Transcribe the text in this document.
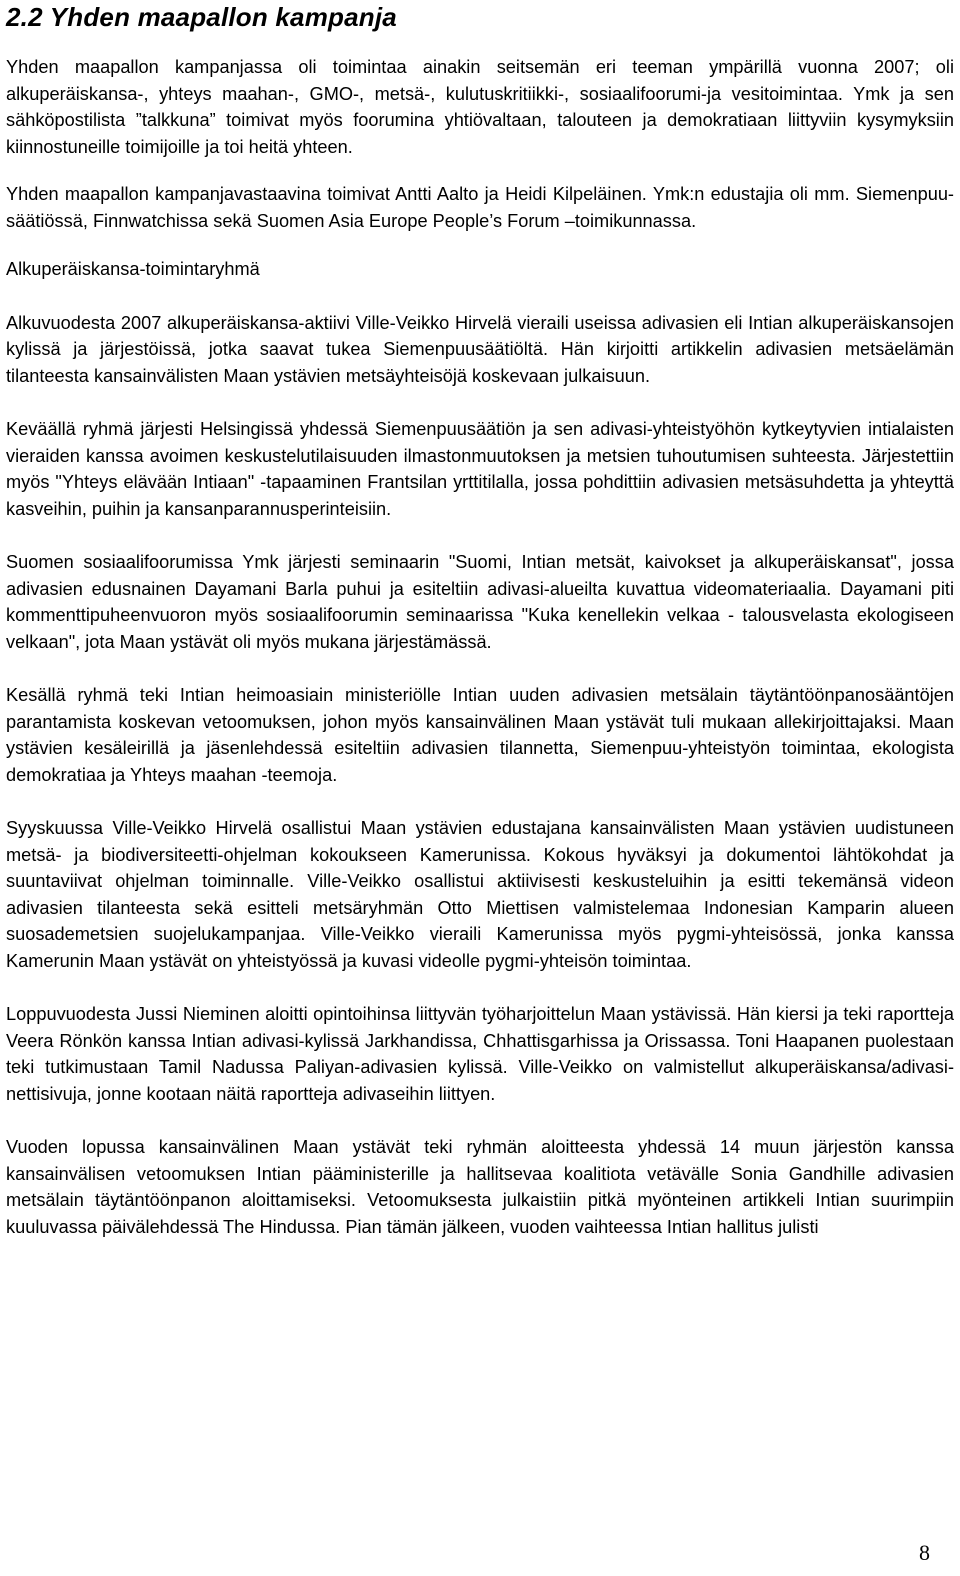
2.2 Yhden maapallon kampanja

Yhden maapallon kampanjassa oli toimintaa ainakin seitsemän eri teeman ympärillä vuonna 2007; oli alkuperäiskansa-, yhteys maahan-, GMO-, metsä-, kulutuskritiikki-, sosiaalifoorumi-ja vesitoimintaa. Ymk ja sen sähköpostilista ”talkkuna” toimivat myös foorumina yhtiövaltaan, talouteen ja demokratiaan liittyviin kysymyksiin kiinnostuneille toimijoille ja toi heitä yhteen.

Yhden maapallon kampanjavastaavina toimivat Antti Aalto ja Heidi Kilpeläinen. Ymk:n edustajia oli mm. Siemenpuu-säätiössä, Finnwatchissa sekä Suomen Asia Europe People’s Forum –toimikunnassa.

Alkuperäiskansa-toimintaryhmä

Alkuvuodesta 2007 alkuperäiskansa-aktiivi Ville-Veikko Hirvelä vieraili useissa adivasien eli Intian alkuperäiskansojen kylissä ja järjestöissä, jotka saavat tukea Siemenpuusäätiöltä. Hän kirjoitti artikkelin adivasien metsäelämän tilanteesta kansainvälisten Maan ystävien metsäyhteisöjä koskevaan julkaisuun.

Keväällä ryhmä järjesti Helsingissä yhdessä Siemenpuusäätiön ja sen adivasi-yhteistyöhön kytkeytyvien intialaisten vieraiden kanssa avoimen keskustelutilaisuuden ilmastonmuutoksen ja metsien tuhoutumisen suhteesta. Järjestettiin myös "Yhteys elävään Intiaan" -tapaaminen Frantsilan yrttitilalla, jossa pohdittiin adivasien metsäsuhdetta ja yhteyttä kasveihin, puihin ja kansanparannusperinteisiin.

Suomen sosiaalifoorumissa Ymk järjesti seminaarin "Suomi, Intian metsät, kaivokset ja alkuperäiskansat", jossa adivasien edusnainen Dayamani Barla puhui ja esiteltiin adivasi-alueilta kuvattua videomateriaalia. Dayamani piti kommenttipuheenvuoron myös sosiaalifoorumin seminaarissa "Kuka kenellekin velkaa - talousvelasta ekologiseen velkaan", jota Maan ystävät oli myös mukana järjestämässä.

Kesällä ryhmä teki Intian heimoasiain ministeriölle Intian uuden adivasien metsälain täytäntöönpanosääntöjen parantamista koskevan vetoomuksen, johon myös kansainvälinen Maan ystävät tuli mukaan allekirjoittajaksi. Maan ystävien kesäleirillä ja jäsenlehdessä esiteltiin adivasien tilannetta, Siemenpuu-yhteistyön toimintaa, ekologista demokratiaa ja Yhteys maahan -teemoja.

Syyskuussa Ville-Veikko Hirvelä osallistui Maan ystävien edustajana kansainvälisten Maan ystävien uudistuneen metsä- ja biodiversiteetti-ohjelman kokoukseen Kamerunissa. Kokous hyväksyi ja dokumentoi lähtökohdat ja suuntaviivat ohjelman toiminnalle. Ville-Veikko osallistui aktiivisesti keskusteluihin ja esitti tekemänsä videon adivasien tilanteesta sekä esitteli metsäryhmän Otto Miettisen valmistelemaa Indonesian Kamparin alueen suosademetsien suojelukampanjaa. Ville-Veikko vieraili Kamerunissa myös pygmi-yhteisössä, jonka kanssa Kamerunin Maan ystävät on yhteistyössä ja kuvasi videolle pygmi-yhteisön toimintaa.

Loppuvuodesta Jussi Nieminen aloitti opintoihinsa liittyvän työharjoittelun Maan ystävissä. Hän kiersi ja teki raportteja Veera Rönkön kanssa Intian adivasi-kylissä Jarkhandissa, Chhattisgarhissa ja Orissassa. Toni Haapanen puolestaan teki tutkimustaan Tamil Nadussa Paliyan-adivasien kylissä. Ville-Veikko on valmistellut alkuperäiskansa/adivasi-nettisivuja, jonne kootaan näitä raportteja adivaseihin liittyen.

Vuoden lopussa kansainvälinen Maan ystävät teki ryhmän aloitteesta yhdessä 14 muun järjestön kanssa kansainvälisen vetoomuksen Intian pääministerille ja hallitsevaa koalitiota vetävälle Sonia Gandhille adivasien metsälain täytäntöönpanon aloittamiseksi. Vetoomuksesta julkaistiin pitkä myönteinen artikkeli Intian suurimpiin kuuluvassa päivälehdessä The Hindussa. Pian tämän jälkeen, vuoden vaihteessa Intian hallitus julisti

8
